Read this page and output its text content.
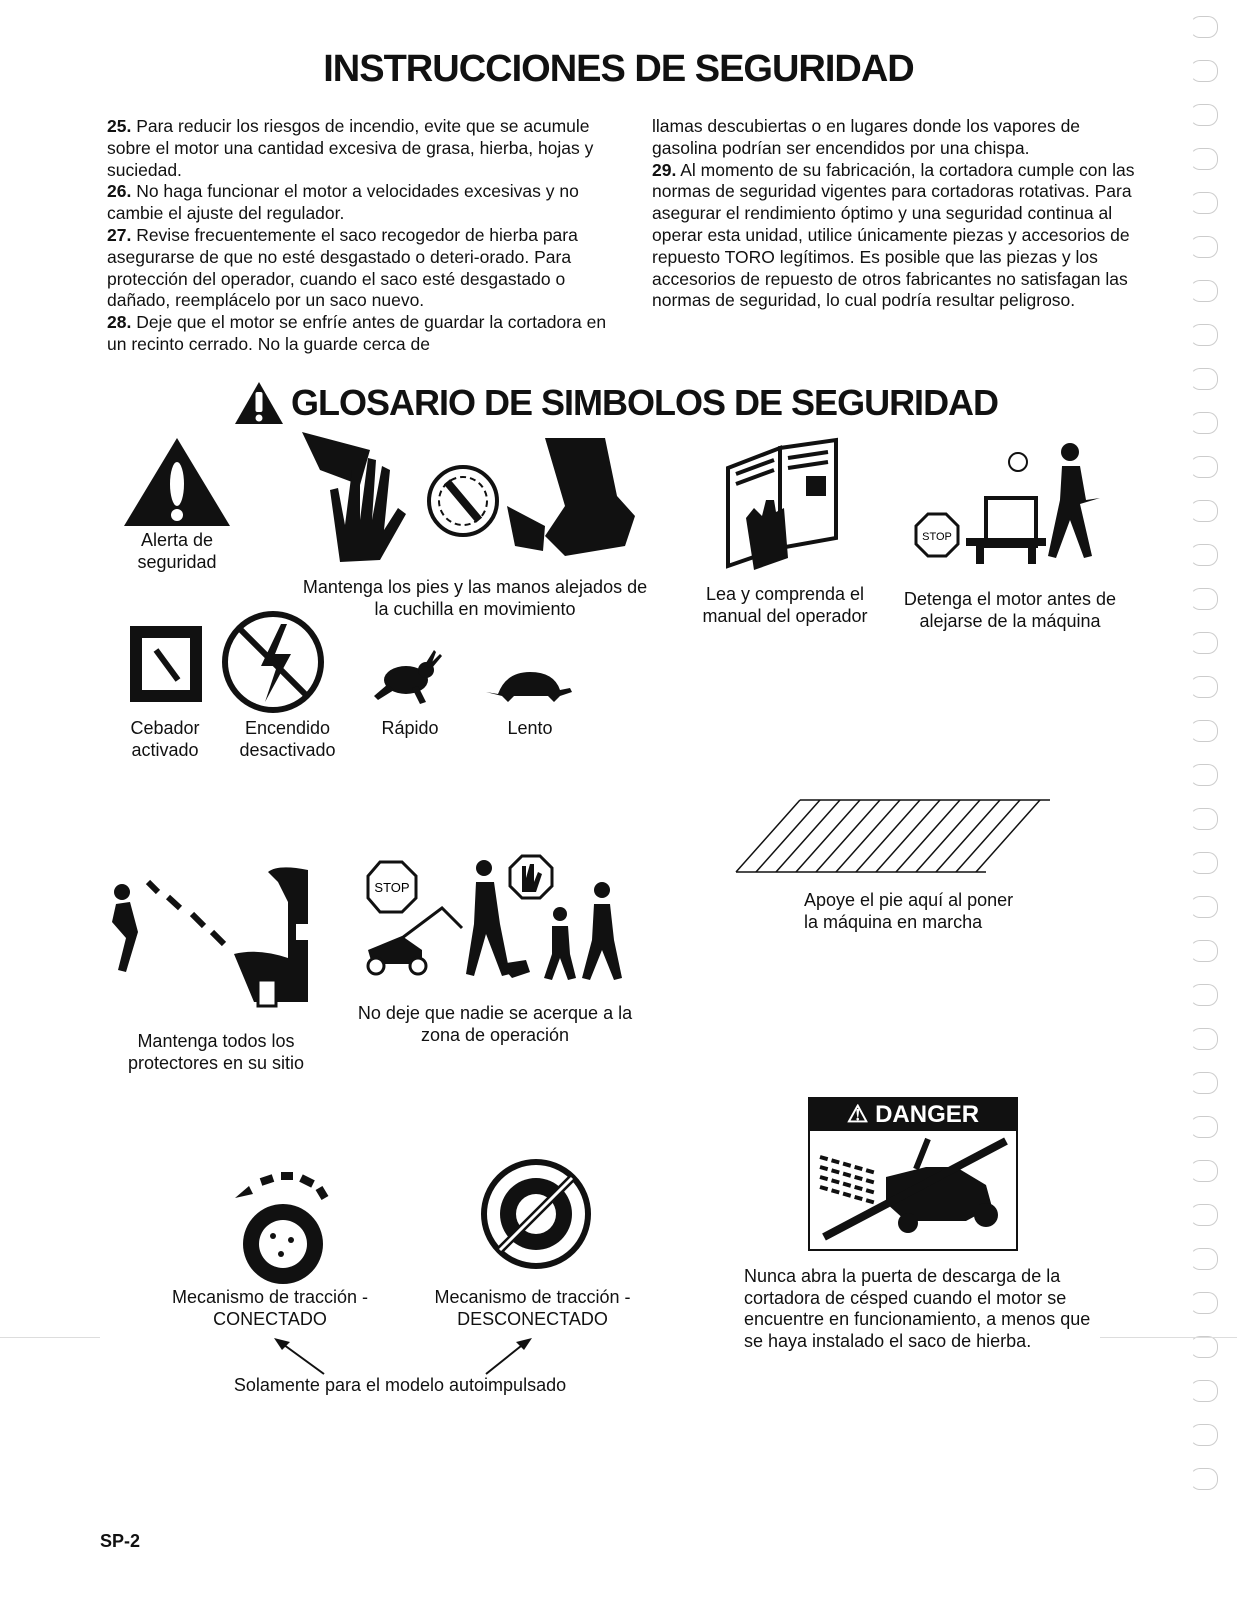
INSTRUCCIONES DE SEGURIDAD

25. Para reducir los riesgos de incendio, evite que se acumule sobre el motor una cantidad excesiva de grasa, hierba, hojas y suciedad.

26. No haga funcionar el motor a velocidades excesivas y no cambie el ajuste del regulador.

27. Revise frecuentemente el saco recogedor de hierba para asegurarse de que no esté desgastado o deteri-orado. Para protección del operador, cuando el saco esté desgastado o dañado, reemplácelo por un saco nuevo.

28. Deje que el motor se enfríe antes de guardar la cortadora en un recinto cerrado. No la guarde cerca de

llamas descubiertas o en lugares donde los vapores de gasolina podrían ser encendidos por una chispa.

29. Al momento de su fabricación, la cortadora cumple con las normas de seguridad vigentes para cortadoras rotativas. Para asegurar el rendimiento óptimo y una seguridad continua al operar esta unidad, utilice únicamente piezas y accesorios de repuesto TORO legítimos. Es posible que las piezas y los accesorios de repuesto de otros fabricantes no satisfagan las normas de seguridad, lo cual podría resultar peligroso.

GLOSARIO DE SIMBOLOS DE SEGURIDAD
Alerta de seguridad
Mantenga los pies y las manos alejados de la cuchilla en movimiento
Lea y comprenda el manual del operador
STOP
Detenga el motor antes de alejarse de la máquina
Cebador activado
Encendido desactivado
Rápido	Lento
Apoye el pie aquí al poner la máquina en marcha
Mantenga todos los protectores en su sitio
STOP
No deje que nadie se acerque a la zona de operación
⚠ DANGER
Nunca abra la puerta de descarga de la cortadora de césped cuando el motor se encuentre en funcionamiento, a menos que se haya instalado el saco de hierba.
Mecanismo de tracción - CONECTADO
Mecanismo de tracción - DESCONECTADO
Solamente para el modelo autoimpulsado
SP-2
